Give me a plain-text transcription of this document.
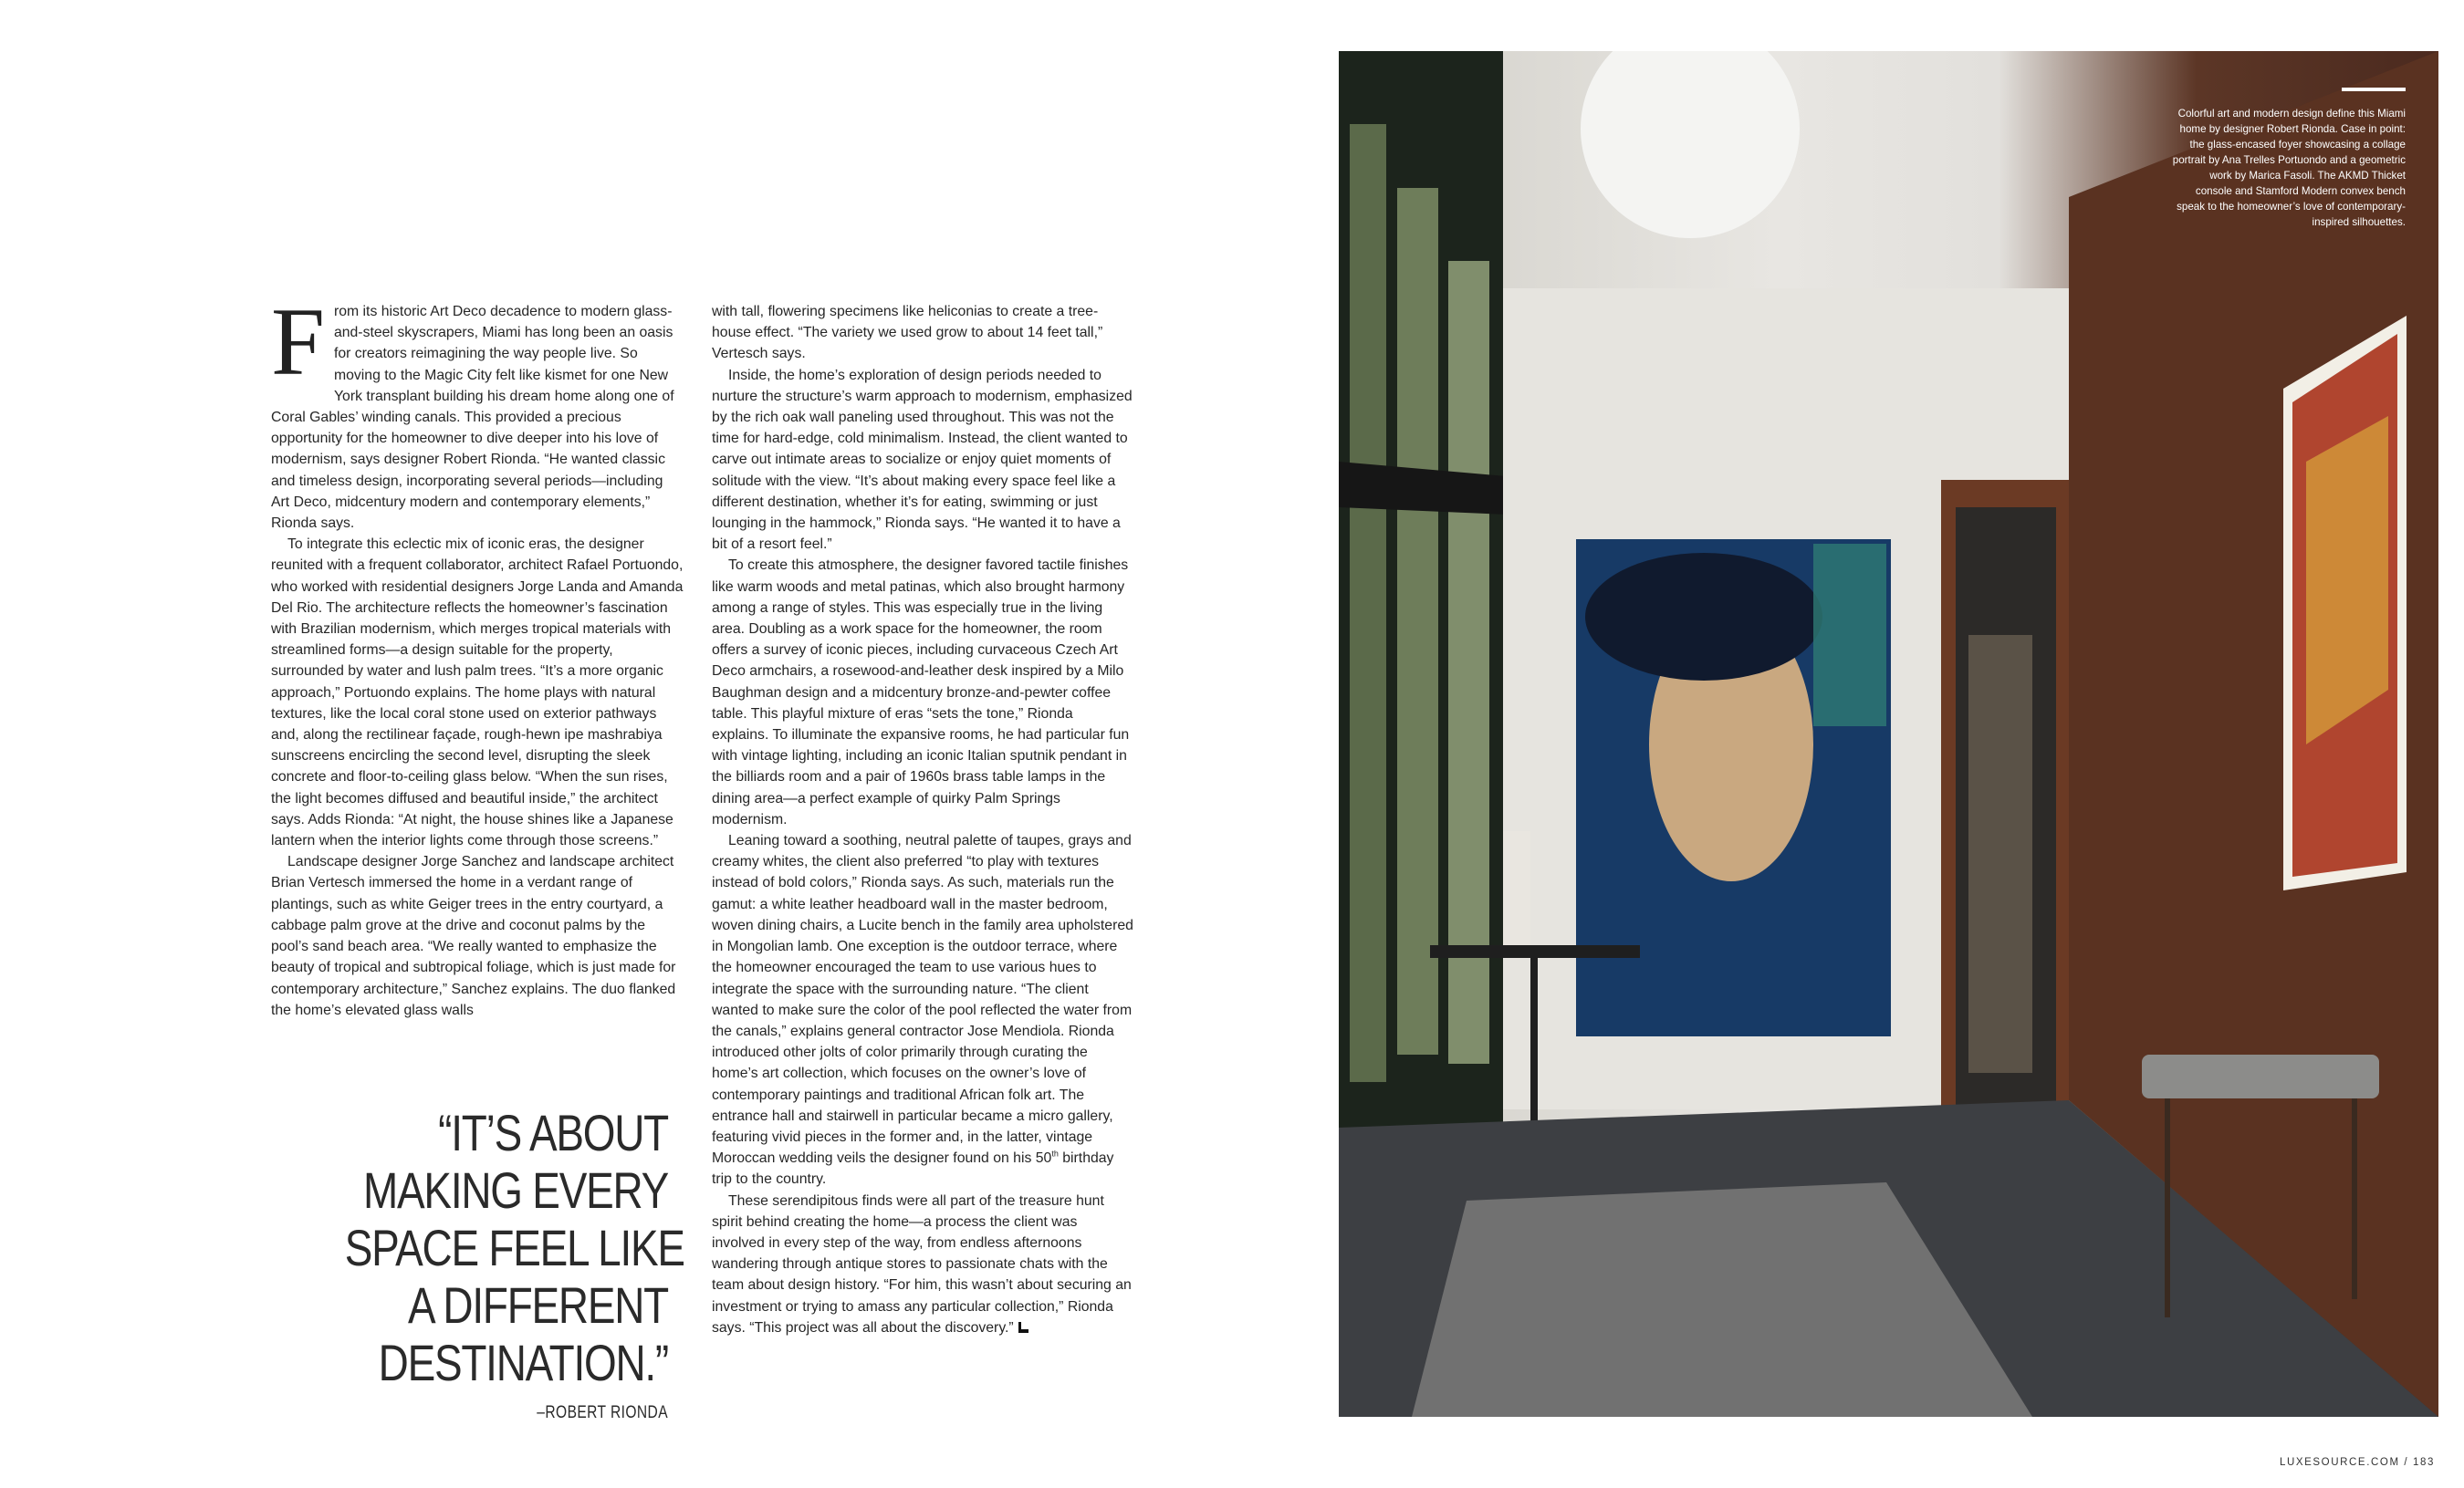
From its historic Art Deco decadence to modern glass-and-steel skyscrapers, Miami has long been an oasis for creators reimagining the way people live. So moving to the Magic City felt like kismet for one New York transplant building his dream home along one of Coral Gables’ winding canals. This provided a precious opportunity for the homeowner to dive deeper into his love of modernism, says designer Robert Rionda. “He wanted classic and timeless design, incorporating several periods—including Art Deco, midcentury modern and contemporary elements,” Rionda says.

To integrate this eclectic mix of iconic eras, the designer reunited with a frequent collaborator, architect Rafael Portuondo, who worked with residential designers Jorge Landa and Amanda Del Rio. The architecture reflects the homeowner’s fascination with Brazilian modernism, which merges tropical materials with streamlined forms—a design suitable for the property, surrounded by water and lush palm trees. “It’s a more organic approach,” Portuondo explains. The home plays with natural textures, like the local coral stone used on exterior pathways and, along the rectilinear façade, rough-hewn ipe mashrabiya sunscreens encircling the second level, disrupting the sleek concrete and floor-to-ceiling glass below. “When the sun rises, the light becomes diffused and beautiful inside,” the architect says. Adds Rionda: “At night, the house shines like a Japanese lantern when the interior lights come through those screens.”

Landscape designer Jorge Sanchez and landscape architect Brian Vertesch immersed the home in a verdant range of plantings, such as white Geiger trees in the entry courtyard, a cabbage palm grove at the drive and coconut palms by the pool’s sand beach area. “We really wanted to emphasize the beauty of tropical and subtropical foliage, which is just made for contemporary architecture,” Sanchez explains. The duo flanked the home’s elevated glass walls

with tall, flowering specimens like heliconias to create a tree-house effect. “The variety we used grow to about 14 feet tall,” Vertesch says.

Inside, the home’s exploration of design periods needed to nurture the structure’s warm approach to modernism, emphasized by the rich oak wall paneling used throughout. This was not the time for hard-edge, cold minimalism. Instead, the client wanted to carve out intimate areas to socialize or enjoy quiet moments of solitude with the view. “It’s about making every space feel like a different destination, whether it’s for eating, swimming or just lounging in the hammock,” Rionda says. “He wanted it to have a bit of a resort feel.”

To create this atmosphere, the designer favored tactile finishes like warm woods and metal patinas, which also brought harmony among a range of styles. This was especially true in the living area. Doubling as a work space for the homeowner, the room offers a survey of iconic pieces, including curvaceous Czech Art Deco armchairs, a rosewood-and-leather desk inspired by a Milo Baughman design and a midcentury bronze-and-pewter coffee table. This playful mixture of eras “sets the tone,” Rionda explains. To illuminate the expansive rooms, he had particular fun with vintage lighting, including an iconic Italian sputnik pendant in the billiards room and a pair of 1960s brass table lamps in the dining area—a perfect example of quirky Palm Springs modernism.

Leaning toward a soothing, neutral palette of taupes, grays and creamy whites, the client also preferred “to play with textures instead of bold colors,” Rionda says. As such, materials run the gamut: a white leather headboard wall in the master bedroom, woven dining chairs, a Lucite bench in the family area upholstered in Mongolian lamb. One exception is the outdoor terrace, where the homeowner encouraged the team to use various hues to integrate the space with the surrounding nature. “The client wanted to make sure the color of the pool reflected the water from the canals,” explains general contractor Jose Mendiola. Rionda introduced other jolts of color primarily through curating the home’s art collection, which focuses on the owner’s love of contemporary paintings and traditional African folk art. The entrance hall and stairwell in particular became a micro gallery, featuring vivid pieces in the former and, in the latter, vintage Moroccan wedding veils the designer found on his 50th birthday trip to the country.

These serendipitous finds were all part of the treasure hunt spirit behind creating the home—a process the client was involved in every step of the way, from endless afternoons wandering through antique stores to passionate chats with the team about design history. “For him, this wasn’t about securing an investment or trying to amass any particular collection,” Rionda says. “This project was all about the discovery.”

“IT’S ABOUT
MAKING EVERY
SPACE FEEL LIKE
A DIFFERENT
DESTINATION.”
–ROBERT RIONDA
Colorful art and modern design define this Miami home by designer Robert Rionda. Case in point: the glass-encased foyer showcasing a collage portrait by Ana Trelles Portuondo and a geometric work by Marica Fasoli. The AKMD Thicket console and Stamford Modern convex bench speak to the homeowner’s love of contemporary-inspired silhouettes.
LUXESOURCE.COM / 183
